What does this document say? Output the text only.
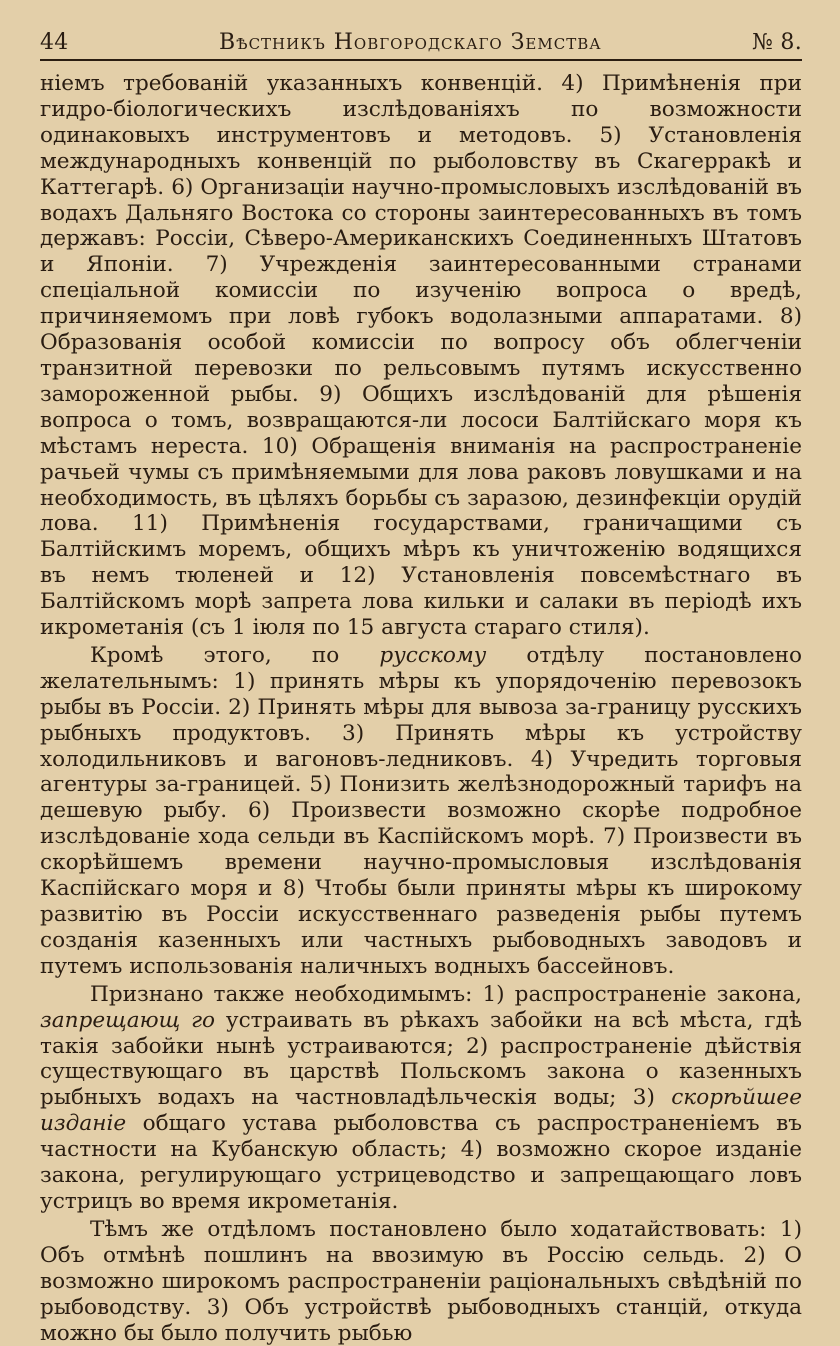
44	Вѣстникъ Новгородскаго Земства	№ 8.

ніемъ требованій указанныхъ конвенцій. 4) Примѣненія при гидро-біологическихъ изслѣдованіяхъ по возможности одинаковыхъ инструментовъ и методовъ. 5) Установленія международныхъ конвенцій по рыболовству въ Скагерракѣ и Каттегарѣ. 6) Организаціи научно-промысловыхъ изслѣдованій въ водахъ Дальняго Востока со стороны заинтересованныхъ въ томъ державъ: Россіи, Сѣверо-Американскихъ Соединенныхъ Штатовъ и Японіи. 7) Учрежденія заинтересованными странами спеціальной комиссіи по изученію вопроса о вредѣ, причиняемомъ при ловѣ губокъ водолазными аппаратами. 8) Образованія особой комиссіи по вопросу объ облегченіи транзитной перевозки по рельсовымъ путямъ искусственно замороженной рыбы. 9) Общихъ изслѣдованій для рѣшенія вопроса о томъ, возвращаются-ли лососи Балтійскаго моря къ мѣстамъ нереста. 10) Обращенія вниманія на распространеніе рачьей чумы съ примѣняемыми для лова раковъ ловушками и на необходимость, въ цѣляхъ борьбы съ заразою, дезинфекціи орудій лова. 11) Примѣненія государствами, граничащими съ Балтійскимъ моремъ, общихъ мѣръ къ уничтоженію водящихся въ немъ тюленей и 12) Установленія повсемѣстнаго въ Балтійскомъ морѣ запрета лова кильки и салаки въ періодѣ ихъ икрометанія (съ 1 іюля по 15 августа стараго стиля).

Кромѣ этого, по русскому отдѣлу постановлено желательнымъ: 1) принять мѣры къ упорядоченію перевозокъ рыбы въ Россіи. 2) Принять мѣры для вывоза за-границу русскихъ рыбныхъ продуктовъ. 3) Принять мѣры къ устройству холодильниковъ и вагоновъ-ледниковъ. 4) Учредить торговыя агентуры за-границей. 5) Понизить желѣзнодорожный тарифъ на дешевую рыбу. 6) Произвести возможно скорѣе подробное изслѣдованіе хода сельди въ Каспійскомъ морѣ. 7) Произвести въ скорѣйшемъ времени научно-промысловыя изслѣдованія Каспійскаго моря и 8) Чтобы были приняты мѣры къ широкому развитію въ Россіи искусственнаго разведенія рыбы путемъ созданія казенныхъ или частныхъ рыбоводныхъ заводовъ и путемъ использованія наличныхъ водныхъ бассейновъ.

Признано также необходимымъ: 1) распространеніе закона, запрещающ го устраивать въ рѣкахъ забойки на всѣ мѣста, гдѣ такія забойки нынѣ устраиваются; 2) распространеніе дѣйствія существующаго въ царствѣ Польскомъ закона о казенныхъ рыбныхъ водахъ на частновладѣльческія воды; 3) скорѣйшее изданіе общаго устава рыболовства съ распространеніемъ въ частности на Кубанскую область; 4) возможно скорое изданіе закона, регулирующаго устрицеводство и запрещающаго ловъ устрицъ во время икрометанія.

Тѣмъ же отдѣломъ постановлено было ходатайствовать: 1) Объ отмѣнѣ пошлинъ на ввозимую въ Россію сельдь. 2) О возможно широкомъ распространеніи раціональныхъ свѣдѣній по рыбоводству. 3) Объ устройствѣ рыбоводныхъ станцій, откуда можно бы было получить рыбью
